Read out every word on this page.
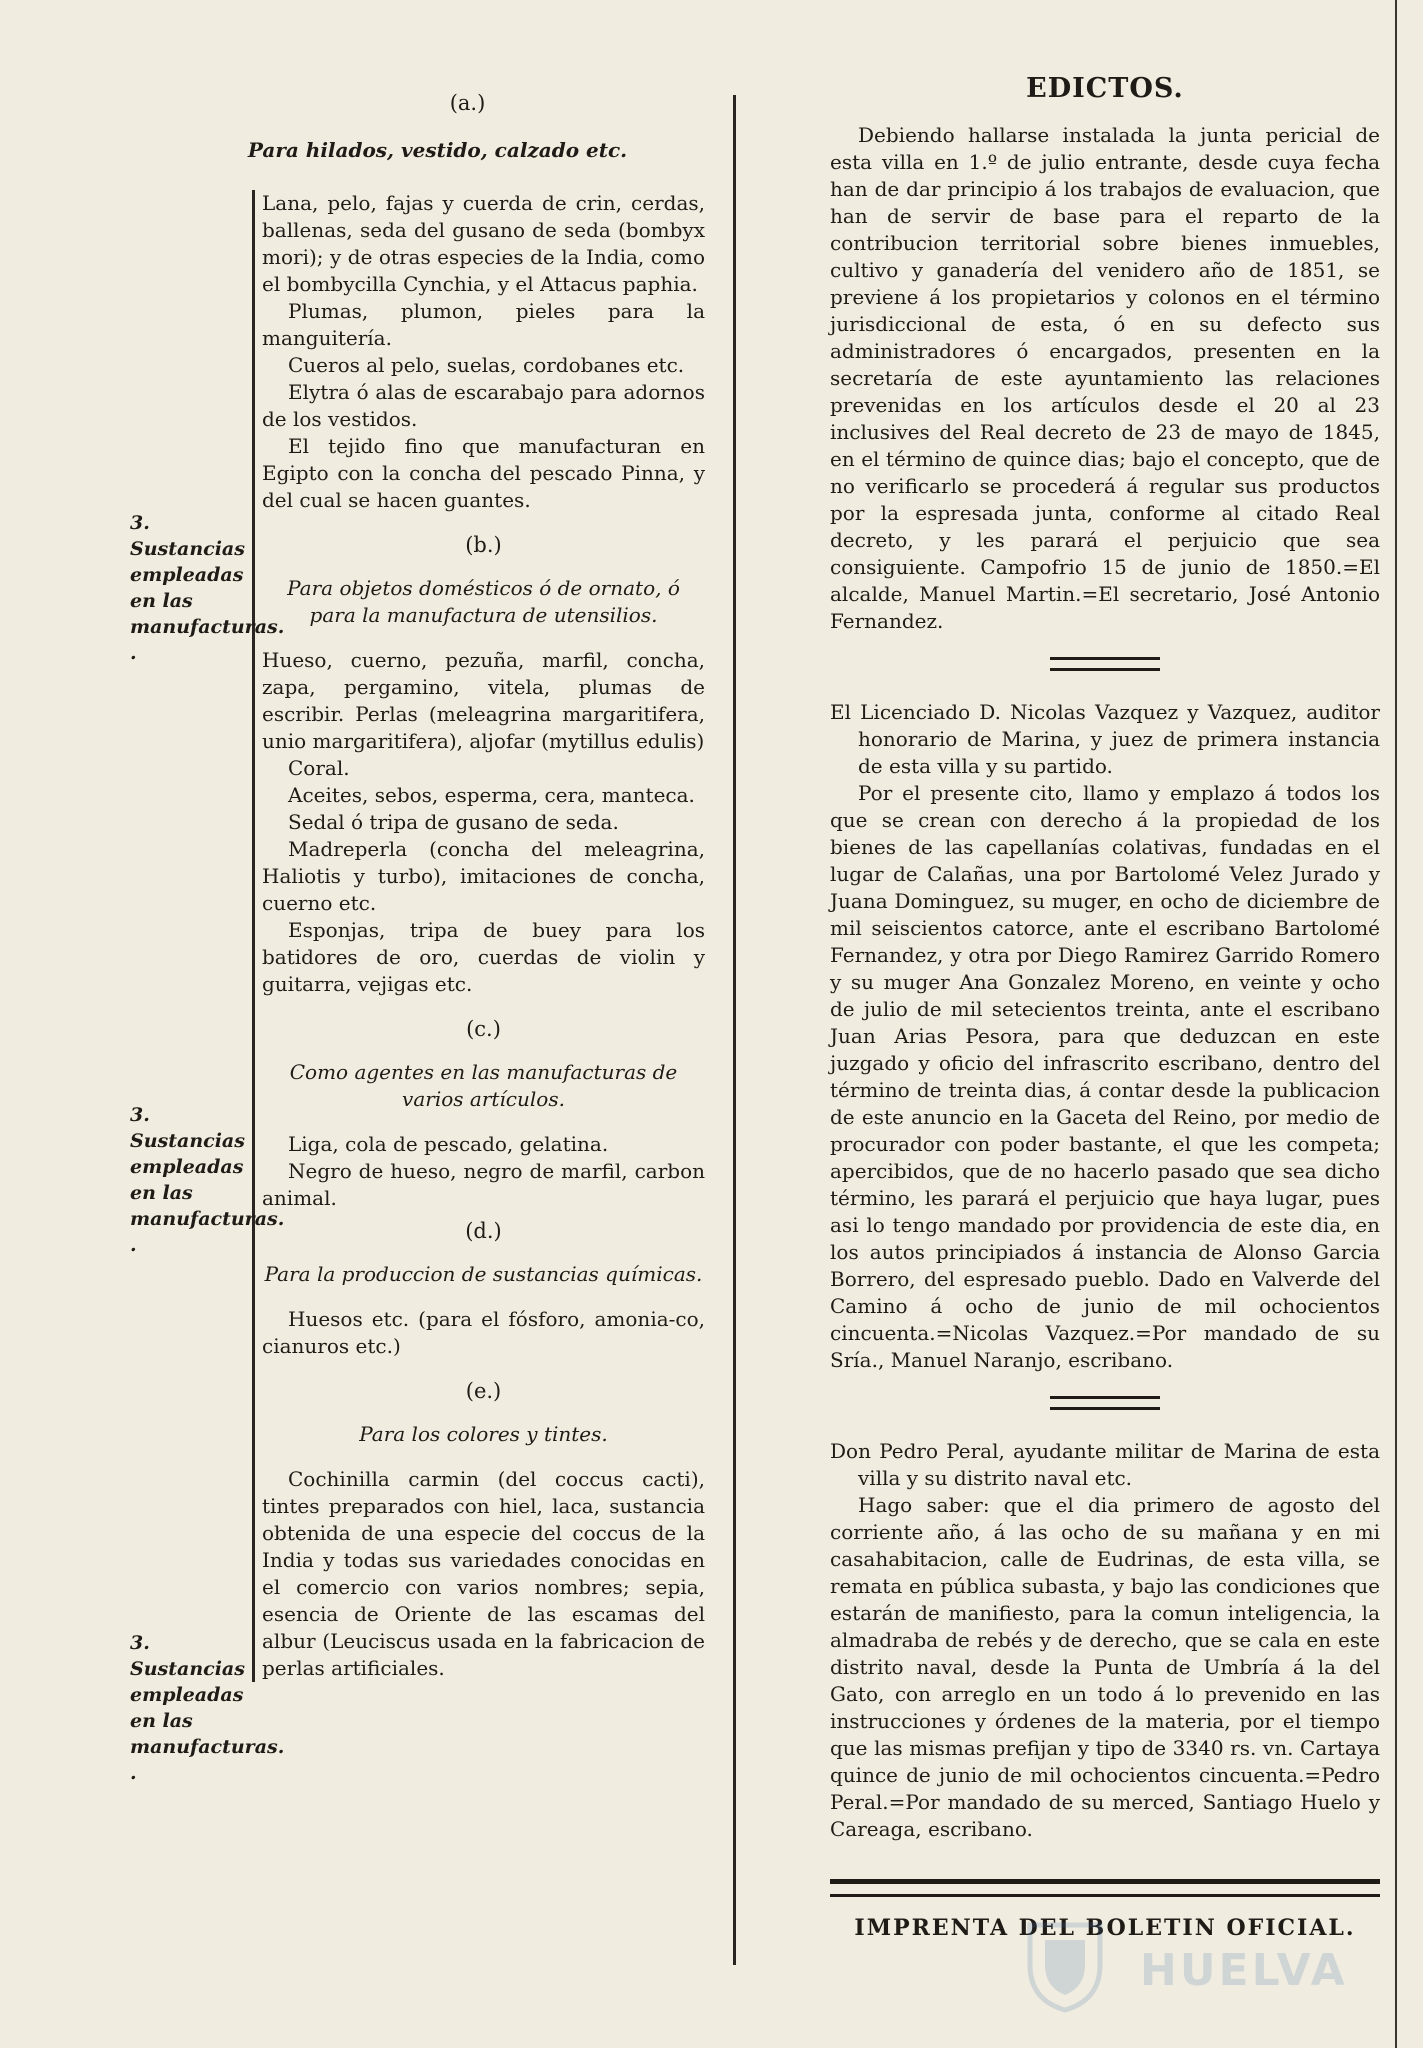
(a.)
Para hilados, vestido, calzado etc.

Lana, pelo, fajas y cuerda de crin, cerdas, ballenas, seda del gusano de seda (bombyx mori); y de otras especies de la India, como el bombycilla Cynchia, y el Attacus paphia.

Plumas, plumon, pieles para la manguitería.

Cueros al pelo, suelas, cordobanes etc.

Elytra ó alas de escarabajo para adornos de los vestidos.

El tejido fino que manufacturan en Egipto con la concha del pescado Pinna, y del cual se hacen guantes.

(b.)
Para objetos domésticos ó de ornato, ó para la manufactura de utensilios.

Hueso, cuerno, pezuña, marfil, concha, zapa, pergamino, vitela, plumas de escribir. Perlas (meleagrina margaritifera, unio margaritifera), aljofar (mytillus edulis)

Coral.

Aceites, sebos, esperma, cera, manteca.

Sedal ó tripa de gusano de seda.

Madreperla (concha del meleagrina, Haliotis y turbo), imitaciones de concha, cuerno etc.

Esponjas, tripa de buey para los batidores de oro, cuerdas de violin y guitarra, vejigas etc.

(c.)
Como agentes en las manufacturas de varios artículos.

Liga, cola de pescado, gelatina.

Negro de hueso, negro de marfil, carbon animal.

(d.)
Para la produccion de sustancias químicas.

Huesos etc. (para el fósforo, amonia-co, cianuros etc.)

(e.)
Para los colores y tintes.

Cochinilla carmin (del coccus cacti), tintes preparados con hiel, laca, sustancia obtenida de una especie del coccus de la India y todas sus variedades conocidas en el comercio con varios nombres; sepia, esencia de Oriente de las escamas del albur (Leuciscus usada en la fabricacion de perlas artificiales.

3. Sustancias empleadas en las manufacturas. .
3. Sustancias empleadas en las manufacturas. .
3. Sustancias empleadas en las manufacturas. .
EDICTOS.

Debiendo hallarse instalada la junta pericial de esta villa en 1.º de julio entrante, desde cuya fecha han de dar principio á los trabajos de evaluacion, que han de servir de base para el reparto de la contribucion territorial sobre bienes inmuebles, cultivo y ganadería del venidero año de 1851, se previene á los propietarios y colonos en el término jurisdiccional de esta, ó en su defecto sus administradores ó encargados, presenten en la secretaría de este ayuntamiento las relaciones prevenidas en los artículos desde el 20 al 23 inclusives del Real decreto de 23 de mayo de 1845, en el término de quince dias; bajo el concepto, que de no verificarlo se procederá á regular sus productos por la espresada junta, conforme al citado Real decreto, y les parará el perjuicio que sea consiguiente. Campofrio 15 de junio de 1850.=El alcalde, Manuel Martin.=El secretario, José Antonio Fernandez.

El Licenciado D. Nicolas Vazquez y Vazquez, auditor honorario de Marina, y juez de primera instancia de esta villa y su partido.

Por el presente cito, llamo y emplazo á todos los que se crean con derecho á la propiedad de los bienes de las capellanías colativas, fundadas en el lugar de Calañas, una por Bartolomé Velez Jurado y Juana Dominguez, su muger, en ocho de diciembre de mil seiscientos catorce, ante el escribano Bartolomé Fernandez, y otra por Diego Ramirez Garrido Romero y su muger Ana Gonzalez Moreno, en veinte y ocho de julio de mil setecientos treinta, ante el escribano Juan Arias Pesora, para que deduzcan en este juzgado y oficio del infrascrito escribano, dentro del término de treinta dias, á contar desde la publicacion de este anuncio en la Gaceta del Reino, por medio de procurador con poder bastante, el que les competa; apercibidos, que de no hacerlo pasado que sea dicho término, les parará el perjuicio que haya lugar, pues asi lo tengo mandado por providencia de este dia, en los autos principiados á instancia de Alonso Garcia Borrero, del espresado pueblo. Dado en Valverde del Camino á ocho de junio de mil ochocientos cincuenta.=Nicolas Vazquez.=Por mandado de su Sría., Manuel Naranjo, escribano.

Don Pedro Peral, ayudante militar de Marina de esta villa y su distrito naval etc.

Hago saber: que el dia primero de agosto del corriente año, á las ocho de su mañana y en mi casahabitacion, calle de Eudrinas, de esta villa, se remata en pública subasta, y bajo las condiciones que estarán de manifiesto, para la comun inteligencia, la almadraba de rebés y de derecho, que se cala en este distrito naval, desde la Punta de Umbría á la del Gato, con arreglo en un todo á lo prevenido en las instrucciones y órdenes de la materia, por el tiempo que las mismas prefijan y tipo de 3340 rs. vn. Cartaya quince de junio de mil ochocientos cincuenta.=Pedro Peral.=Por mandado de su merced, Santiago Huelo y Careaga, escribano.

IMPRENTA DEL BOLETIN OFICIAL.
HUELVA
